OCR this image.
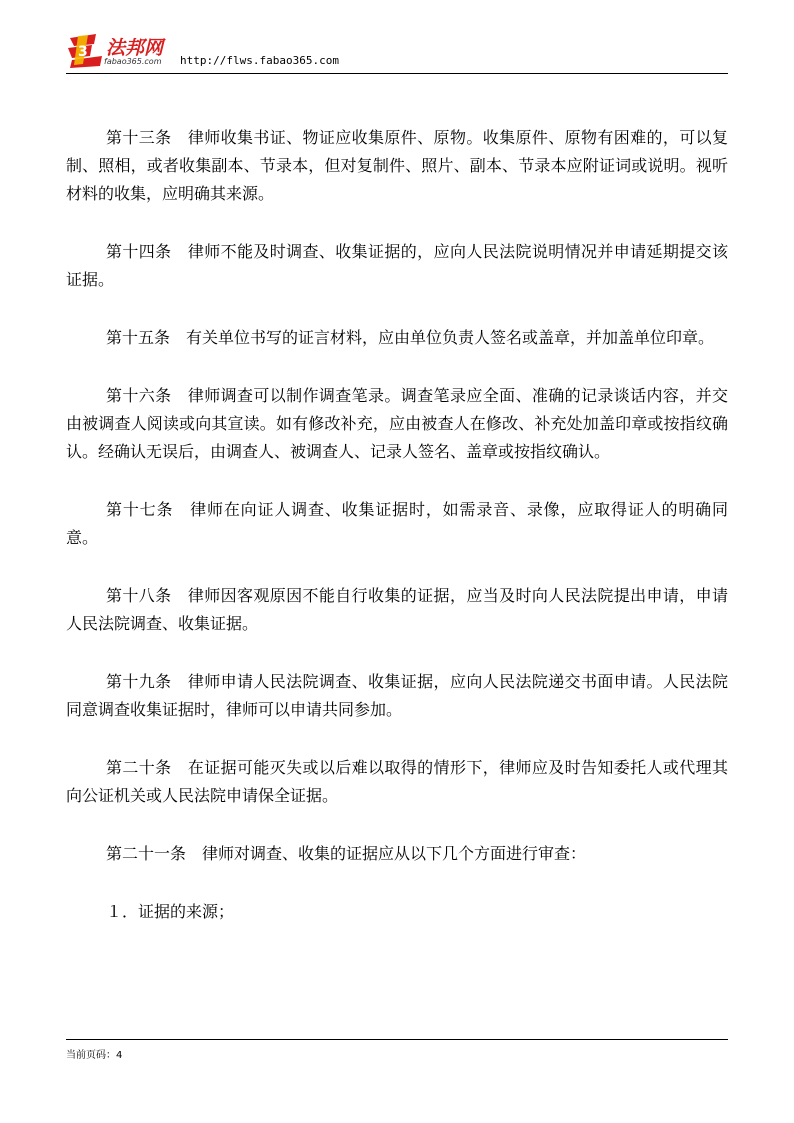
3 法邦网
fabao365.com http://flws.fabao365.com

第十三条　律师收集书证、物证应收集原件、原物。收集原件、原物有困难的，可以复制、照相，或者收集副本、节录本，但对复制件、照片、副本、节录本应附证词或说明。视听材料的收集，应明确其来源。

第十四条　律师不能及时调查、收集证据的，应向人民法院说明情况并申请延期提交该证据。

第十五条　有关单位书写的证言材料，应由单位负责人签名或盖章，并加盖单位印章。

第十六条　律师调查可以制作调查笔录。调查笔录应全面、准确的记录谈话内容，并交由被调查人阅读或向其宣读。如有修改补充，应由被查人在修改、补充处加盖印章或按指纹确认。经确认无误后，由调查人、被调查人、记录人签名、盖章或按指纹确认。

第十七条　律师在向证人调查、收集证据时，如需录音、录像，应取得证人的明确同意。

第十八条　律师因客观原因不能自行收集的证据，应当及时向人民法院提出申请，申请人民法院调查、收集证据。

第十九条　律师申请人民法院调查、收集证据，应向人民法院递交书面申请。人民法院同意调查收集证据时，律师可以申请共同参加。

第二十条　在证据可能灭失或以后难以取得的情形下，律师应及时告知委托人或代理其向公证机关或人民法院申请保全证据。

第二十一条　律师对调查、收集的证据应从以下几个方面进行审查：

１．证据的来源；

当前页码：4
